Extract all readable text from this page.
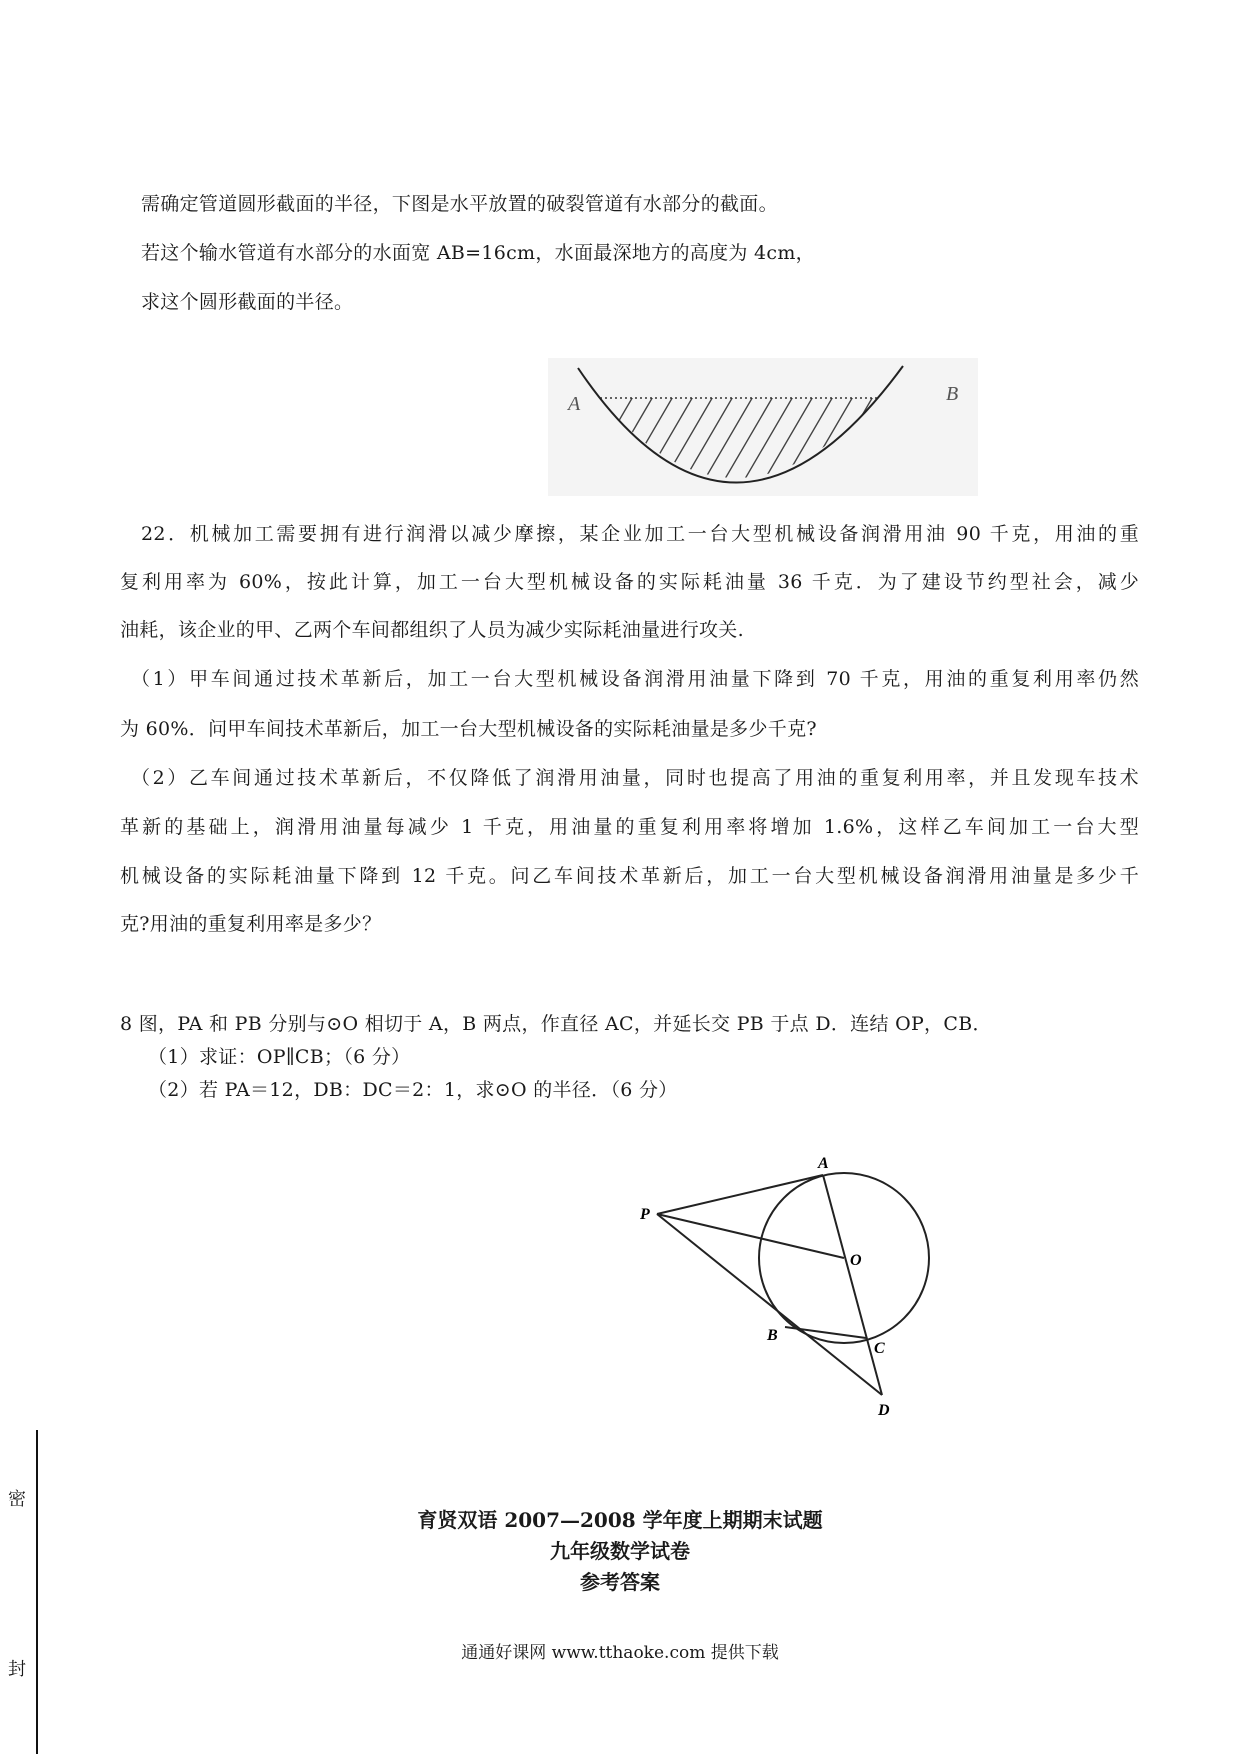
需确定管道圆形截面的半径，下图是水平放置的破裂管道有水部分的截面。
若这个输水管道有水部分的水面宽 AB=16cm，水面最深地方的高度为 4cm，
求这个圆形截面的半径。
A	B
22．机械加工需要拥有进行润滑以减少摩擦，某企业加工一台大型机械设备润滑用油 90 千克，用油的重
复利用率为 60%，按此计算，加工一台大型机械设备的实际耗油量 36 千克．为了建设节约型社会，减少
油耗，该企业的甲、乙两个车间都组织了人员为减少实际耗油量进行攻关.
（1）甲车间通过技术革新后，加工一台大型机械设备润滑用油量下降到 70 千克，用油的重复利用率仍然
为 60%．问甲车间技术革新后，加工一台大型机械设备的实际耗油量是多少千克?
（2）乙车间通过技术革新后，不仅降低了润滑用油量，同时也提高了用油的重复利用率，并且发现车技术
革新的基础上，润滑用油量每减少 1 千克，用油量的重复利用率将增加 1.6%，这样乙车间加工一台大型
机械设备的实际耗油量下降到 12 千克。问乙车间技术革新后，加工一台大型机械设备润滑用油量是多少千
克?用油的重复利用率是多少？
8 图，PA 和 PB 分别与⊙O 相切于 A，B 两点，作直径 AC，并延长交 PB 于点 D．连结 OP，CB．
（1）求证：OP∥CB；（6 分）
（2）若 PA＝12，DB：DC＝2：1，求⊙O 的半径．（6 分）
A
P
O
B
C
D
育贤双语 2007—2008 学年度上期期末试题
九年级数学试卷
参考答案
通通好课网 www.tthaoke.com 提供下载
密
封
